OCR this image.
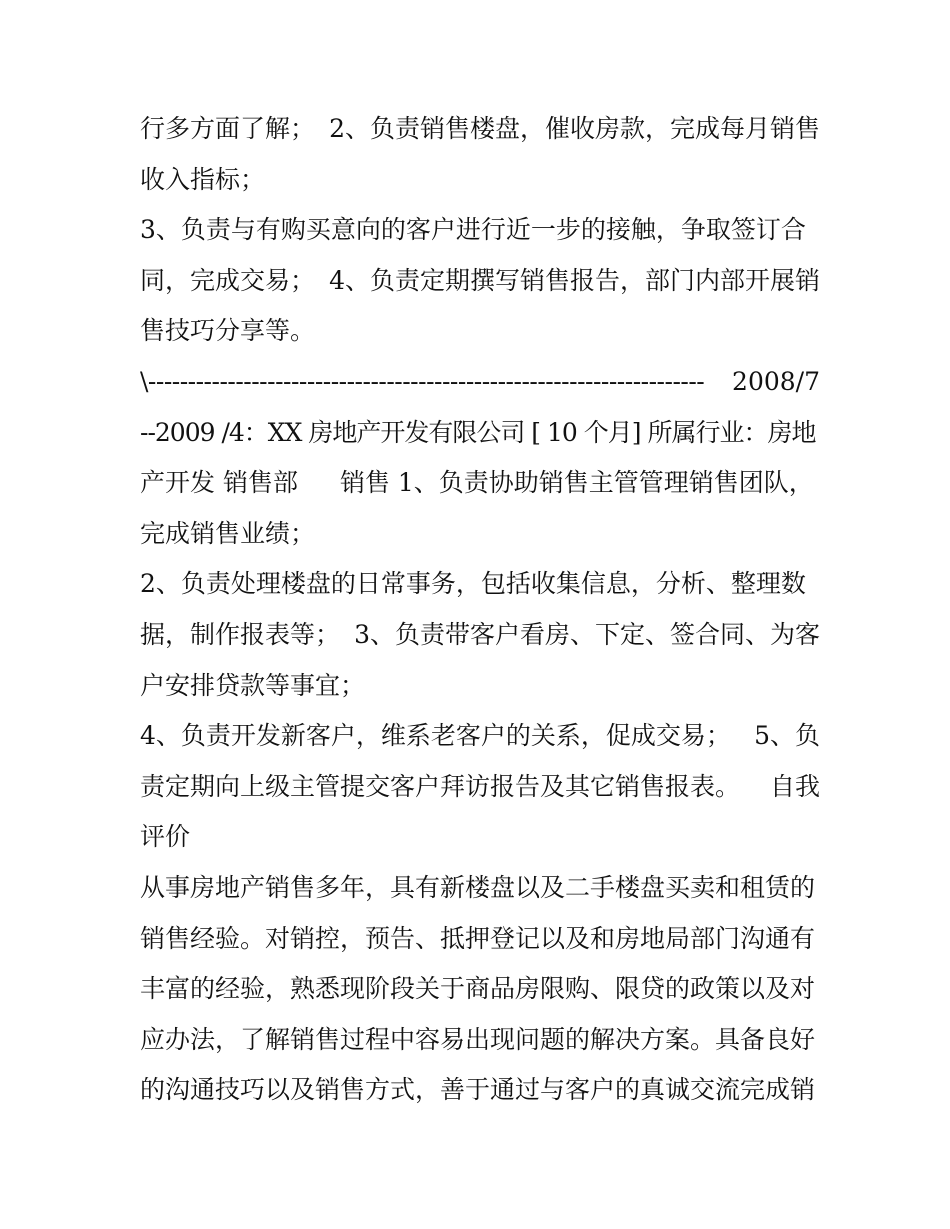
行多方面了解； 2、负责销售楼盘，催收房款，完成每月销售
收入指标；
3、负责与有购买意向的客户进行近一步的接触，争取签订合
同，完成交易； 4、负责定期撰写销售报告，部门内部开展销
售技巧分享等。
\---------------------------------------------------------------------- 2008/7
--2009 /4：XX 房地产开发有限公司 [ 10 个月] 所属行业：房地
产开发 销售部 销售 1、负责协助销售主管管理销售团队，
完成销售业绩；
2、负责处理楼盘的日常事务，包括收集信息，分析、整理数
据，制作报表等； 3、负责带客户看房、下定、签合同、为客
户安排贷款等事宜；
4、负责开发新客户，维系老客户的关系，促成交易； 5、负
责定期向上级主管提交客户拜访报告及其它销售报表。 自我
评价
从事房地产销售多年，具有新楼盘以及二手楼盘买卖和租赁的
销售经验。对销控，预告、抵押登记以及和房地局部门沟通有
丰富的经验，熟悉现阶段关于商品房限购、限贷的政策以及对
应办法，了解销售过程中容易出现问题的解决方案。具备良好
的沟通技巧以及销售方式，善于通过与客户的真诚交流完成销
